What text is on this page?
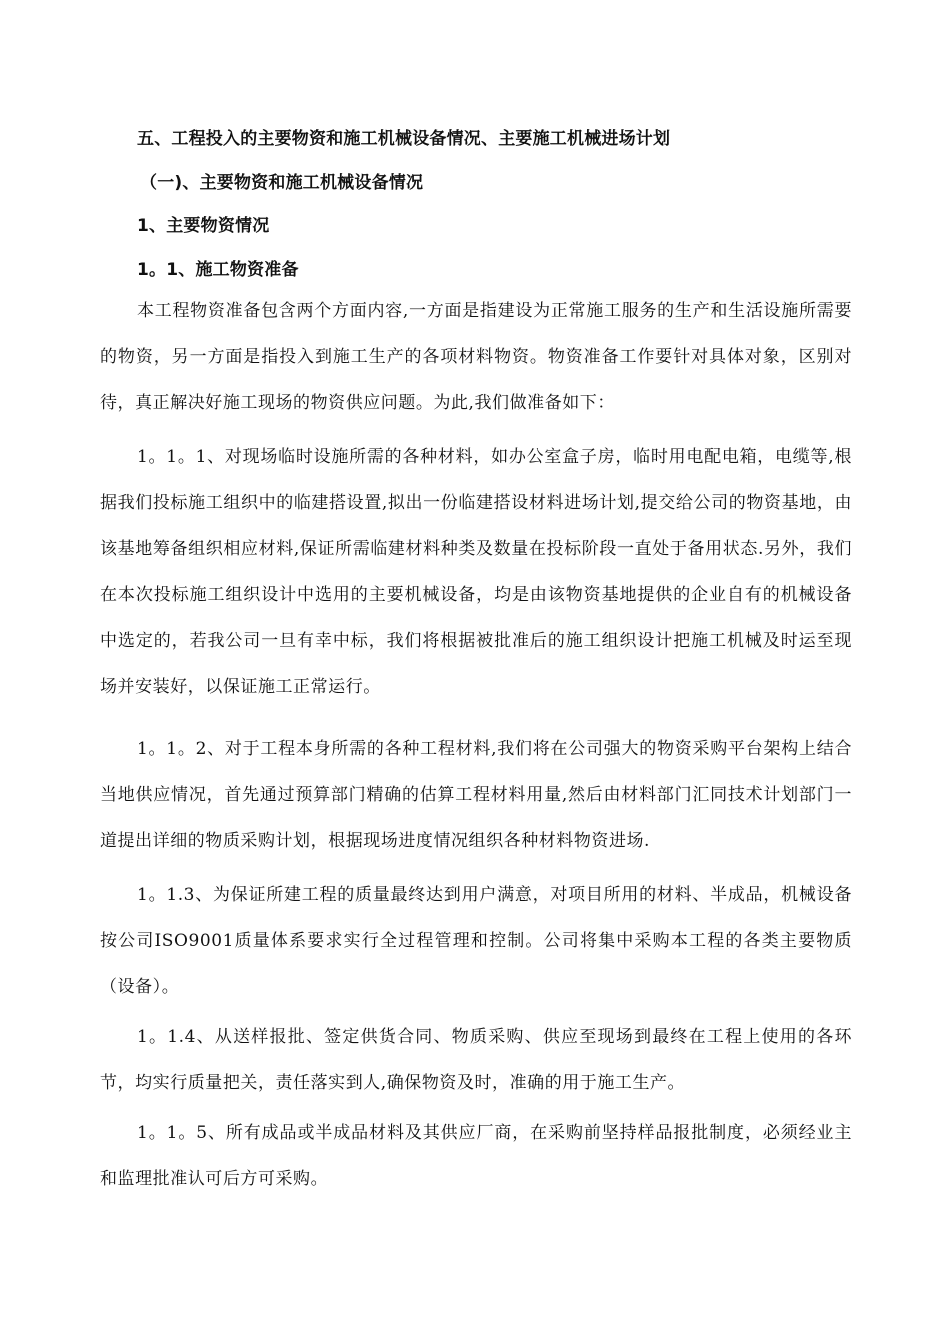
五、工程投入的主要物资和施工机械设备情况、主要施工机械进场计划
（一)、主要物资和施工机械设备情况
1、主要物资情况
1。1、施工物资准备

本工程物资准备包含两个方面内容,一方面是指建设为正常施工服务的生产和生活设施所需要的物资，另一方面是指投入到施工生产的各项材料物资。物资准备工作要针对具体对象，区别对待，真正解决好施工现场的物资供应问题。为此,我们做准备如下：

1。1。1、对现场临时设施所需的各种材料，如办公室盒子房，临时用电配电箱，电缆等,根据我们投标施工组织中的临建搭设置,拟出一份临建搭设材料进场计划,提交给公司的物资基地，由该基地筹备组织相应材料,保证所需临建材料种类及数量在投标阶段一直处于备用状态.另外，我们在本次投标施工组织设计中选用的主要机械设备，均是由该物资基地提供的企业自有的机械设备中选定的，若我公司一旦有幸中标，我们将根据被批准后的施工组织设计把施工机械及时运至现场并安装好，以保证施工正常运行。

1。1。2、对于工程本身所需的各种工程材料,我们将在公司强大的物资采购平台架构上结合当地供应情况，首先通过预算部门精确的估算工程材料用量,然后由材料部门汇同技术计划部门一道提出详细的物质采购计划，根据现场进度情况组织各种材料物资进场.

1。1.3、为保证所建工程的质量最终达到用户满意，对项目所用的材料、半成品，机械设备按公司ISO9001质量体系要求实行全过程管理和控制。公司将集中采购本工程的各类主要物质（设备）。

1。1.4、从送样报批、签定供货合同、物质采购、供应至现场到最终在工程上使用的各环节，均实行质量把关，责任落实到人,确保物资及时，准确的用于施工生产。

1。1。5、所有成品或半成品材料及其供应厂商，在采购前坚持样品报批制度，必须经业主和监理批准认可后方可采购。
